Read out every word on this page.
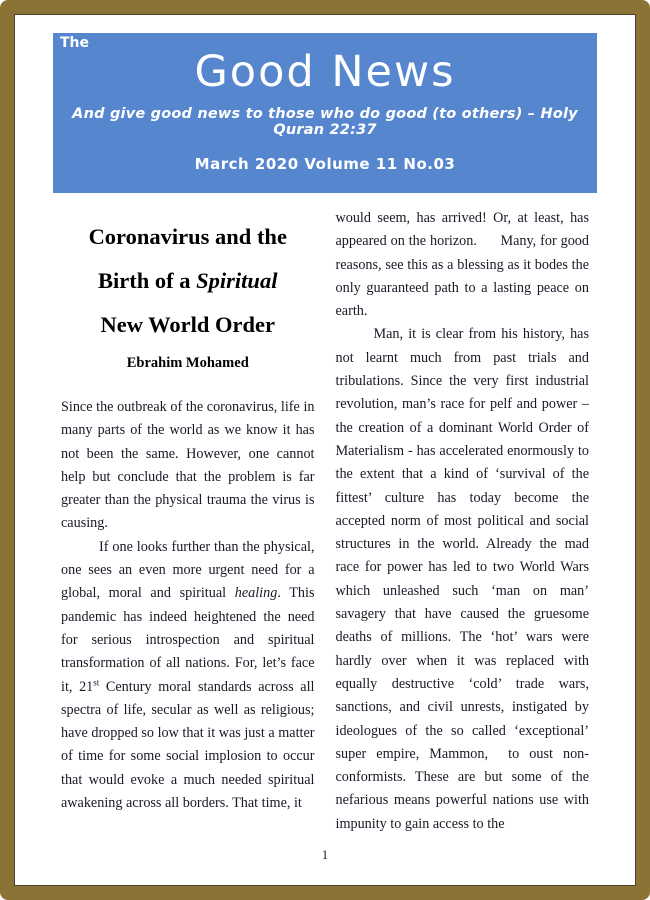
The
Good News
And give good news to those who do good (to others) – Holy Quran 22:37
March 2020 Volume 11 No.03
Coronavirus and the
Birth of a Spiritual
New World Order
Ebrahim Mohamed

Since the outbreak of the coronavirus, life in many parts of the world as we know it has not been the same. However, one cannot help but conclude that the problem is far greater than the physical trauma the virus is causing.

If one looks further than the physical, one sees an even more urgent need for a global, moral and spiritual healing. This pandemic has indeed heightened the need for serious introspection and spiritual transformation of all nations. For, let’s face it, 21st Century moral standards across all spectra of life, secular as well as religious; have dropped so low that it was just a matter of time for some social implosion to occur that would evoke a much needed spiritual awakening across all borders. That time, it

would seem, has arrived! Or, at least, has appeared on the horizon.      Many, for good reasons, see this as a blessing as it bodes the only guaranteed path to a lasting peace on earth.

Man, it is clear from his history, has not learnt much from past trials and tribulations. Since the very first industrial revolution, man’s race for pelf and power – the creation of a dominant World Order of Materialism - has accelerated enormously to the extent that a kind of ‘survival of the fittest’ culture has today become the accepted norm of most political and social structures in the world. Already the mad race for power has led to two World Wars which unleashed such ‘man on man’ savagery that have caused the gruesome deaths of millions. The ‘hot’ wars were hardly over when it was replaced with equally destructive ‘cold’ trade wars, sanctions, and civil unrests, instigated by ideologues of the so called ‘exceptional’ super empire, Mammon,  to oust non-conformists. These are but some of the nefarious means powerful nations use with impunity to gain access to the

1
